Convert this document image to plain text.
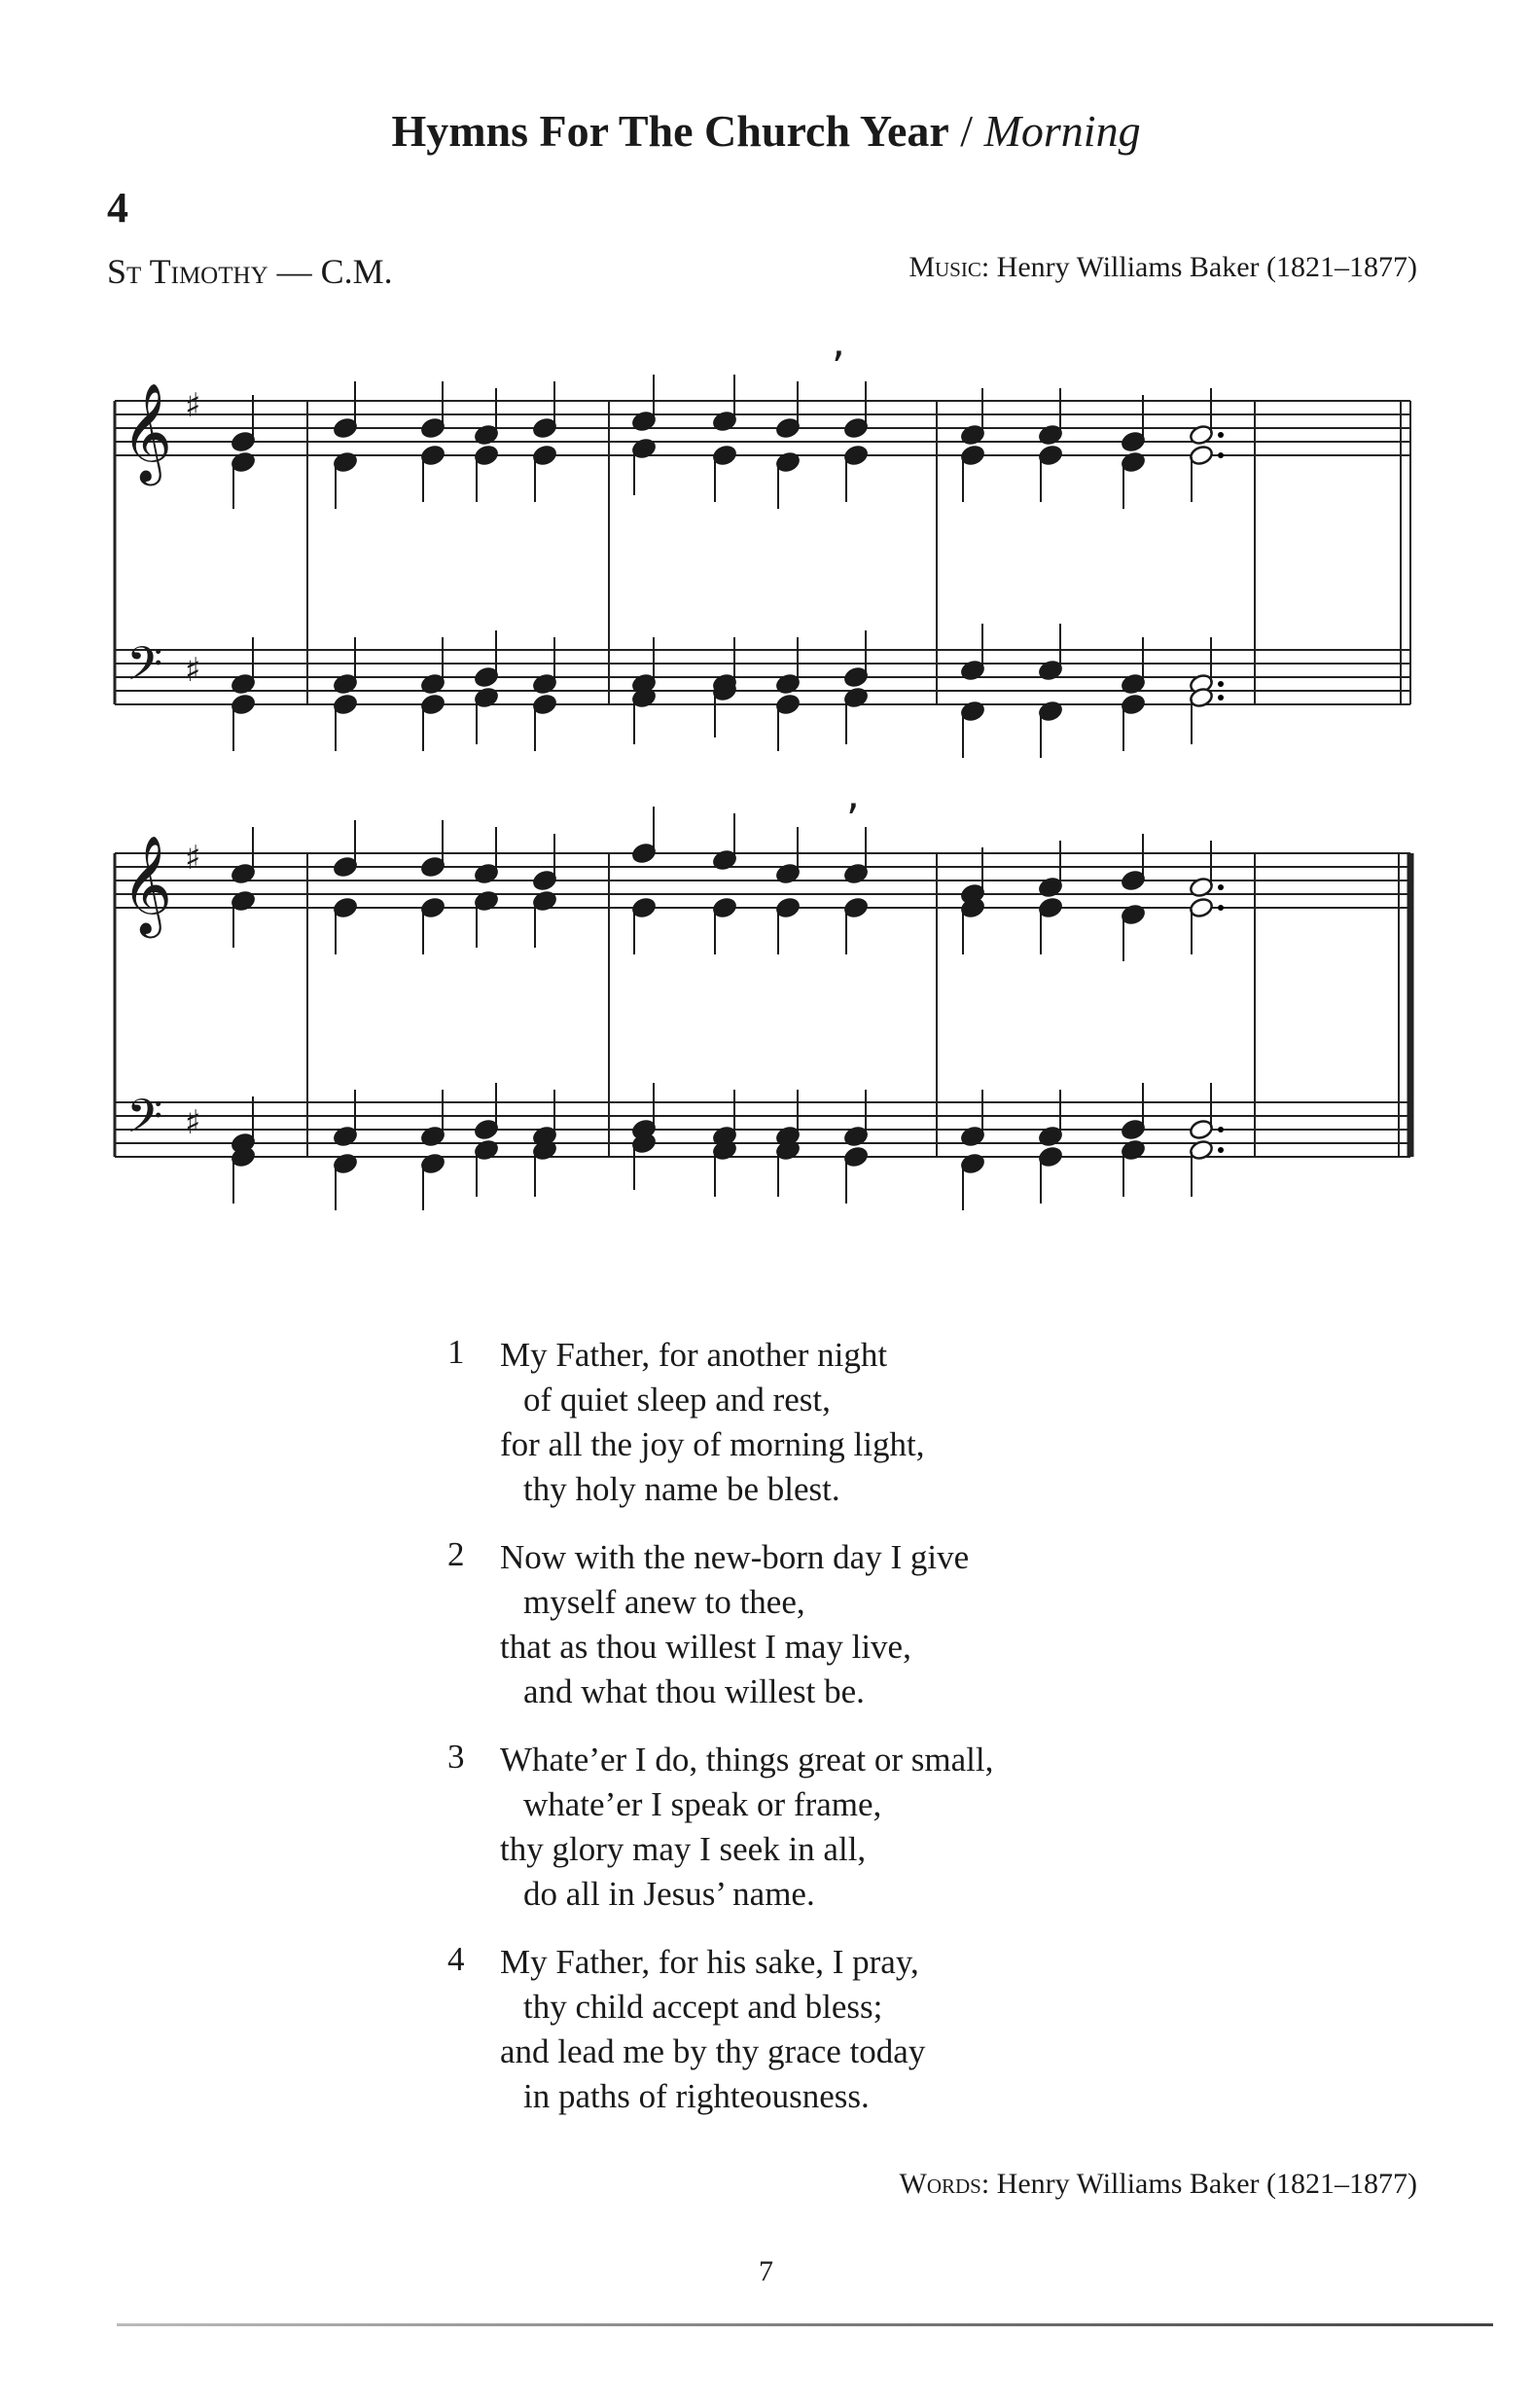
Hymns For The Church Year / Morning
4
St Timothy — C.M.	Music: Henry Williams Baker (1821–1877)
𝄞
𝄢
♯
♯
,
𝄞
𝄢
♯
♯
,
1 My Father, for another night
of quiet sleep and rest,
for all the joy of morning light,
thy holy name be blest.
2 Now with the new-born day I give
myself anew to thee,
that as thou willest I may live,
and what thou willest be.
3 Whate’er I do, things great or small,
whate’er I speak or frame,
thy glory may I seek in all,
do all in Jesus’ name.
4 My Father, for his sake, I pray,
thy child accept and bless;
and lead me by thy grace today
in paths of righteousness.
Words: Henry Williams Baker (1821–1877)
7
